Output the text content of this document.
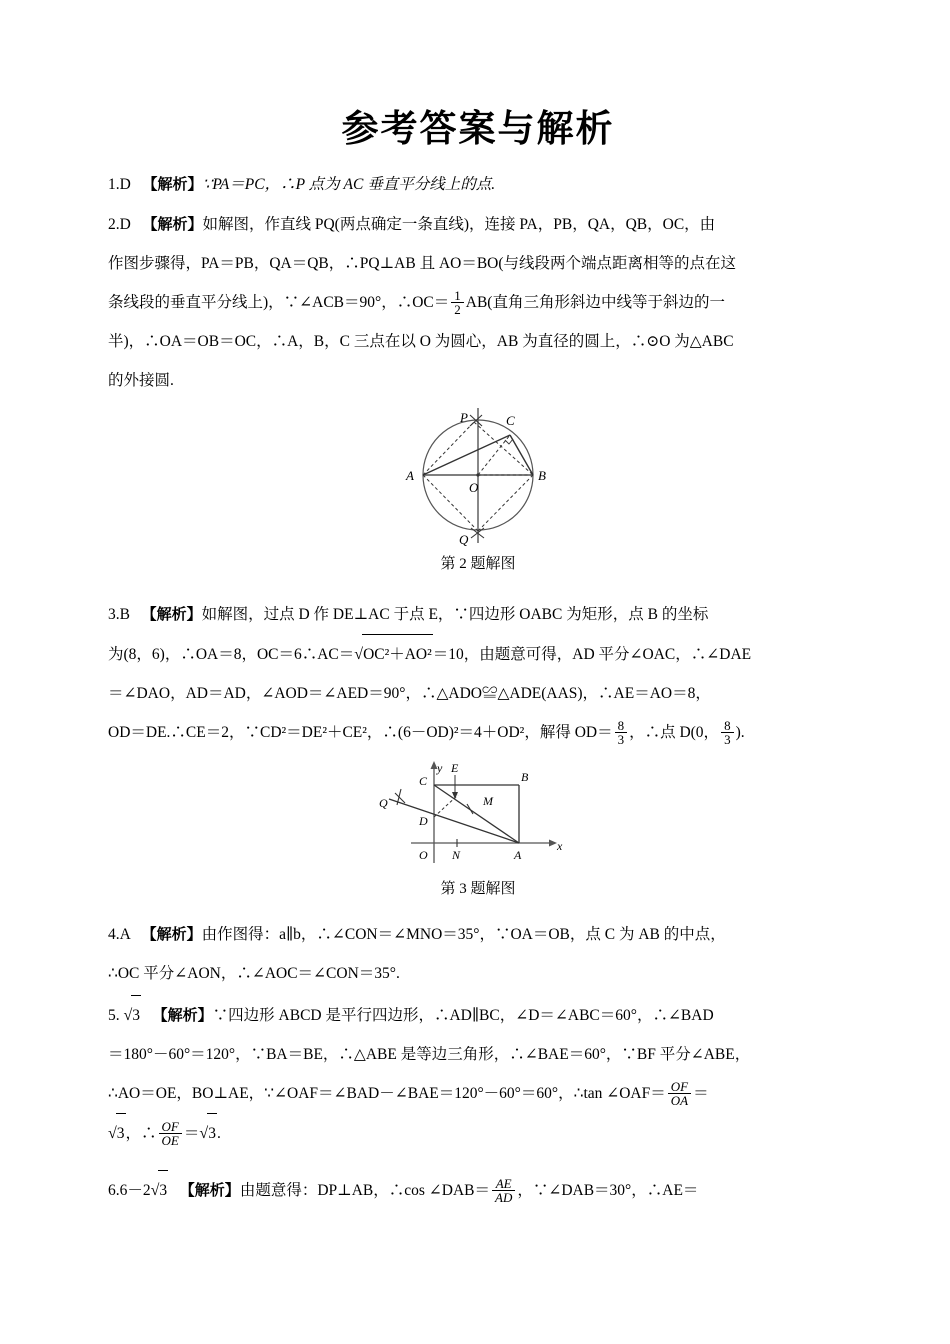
参考答案与解析

1.D 【解析】∵PA＝PC，∴P 点为 AC 垂直平分线上的点.

2.D 【解析】如解图，作直线 PQ(两点确定一条直线)，连接 PA，PB，QA，QB，OC，由

作图步骤得，PA＝PB，QA＝QB，∴PQ⊥AB 且 AO＝BO(与线段两个端点距离相等的点在这

条线段的垂直平分线上)，∵∠ACB＝90°，∴OC＝ $\frac{1}{2} AB$(直角三角形斜边中线等于斜边的一

半)，∴OA＝OB＝OC，∴A，B，C 三点在以 O 为圆心，AB 为直径的圆上，∴⊙O 为△ABC

的外接圆.

P	C
A	B
O
Q
第 2 题解图

3.B 【解析】如解图，过点 D 作 DE⊥AC 于点 E，∵四边形 OABC 为矩形，点 B 的坐标

为(8，6)，∴OA＝8，OC＝6∴AC＝√OC²＋AO²＝10，由题意可得，AD 平分∠OAC，∴∠DAE

＝∠DAO，AD＝AD，∠AOD＝∠AED＝90°，∴△ADO≌△ADE(AAS)，∴AE＝AO＝8，

OD＝DE.∴CE＝2，∵CD²＝DE²＋CE²，∴(6－OD)²＝4＋OD²，解得 $OD= \frac{8}{3}$ ，∴点 D(0， $\frac{8}{3}$ ).

y
x
E
C	B
Q
D
M
O N	A
第 3 题解图

4.A 【解析】由作图得：a∥b，∴∠CON＝∠MNO＝35°，∵OA＝OB，点 C 为 AB 的中点，

∴OC 平分∠AON，∴∠AOC＝∠CON＝35°.

5. √3 【解析】∵四边形 ABCD 是平行四边形，∴AD∥BC，∠D＝∠ABC＝60°，∴∠BAD

＝180°－60°＝120°，∵BA＝BE，∴△ABE 是等边三角形，∴∠BAE＝60°，∵BF 平分∠ABE，

∴AO＝OE，BO⊥AE，∵∠OAF＝∠BAD－∠BAE＝120°－60°＝60°，∴tan ∠OAF＝ $\frac{OF}{OA}$ ＝

√3，∴ $\frac{OF}{OE} =√3$.

6.6－2√3 【解析】由题意得：DP⊥AB，∴cos ∠DAB＝ $\frac{AE}{AD}$ ，∵∠DAB＝30°，∴AE＝
